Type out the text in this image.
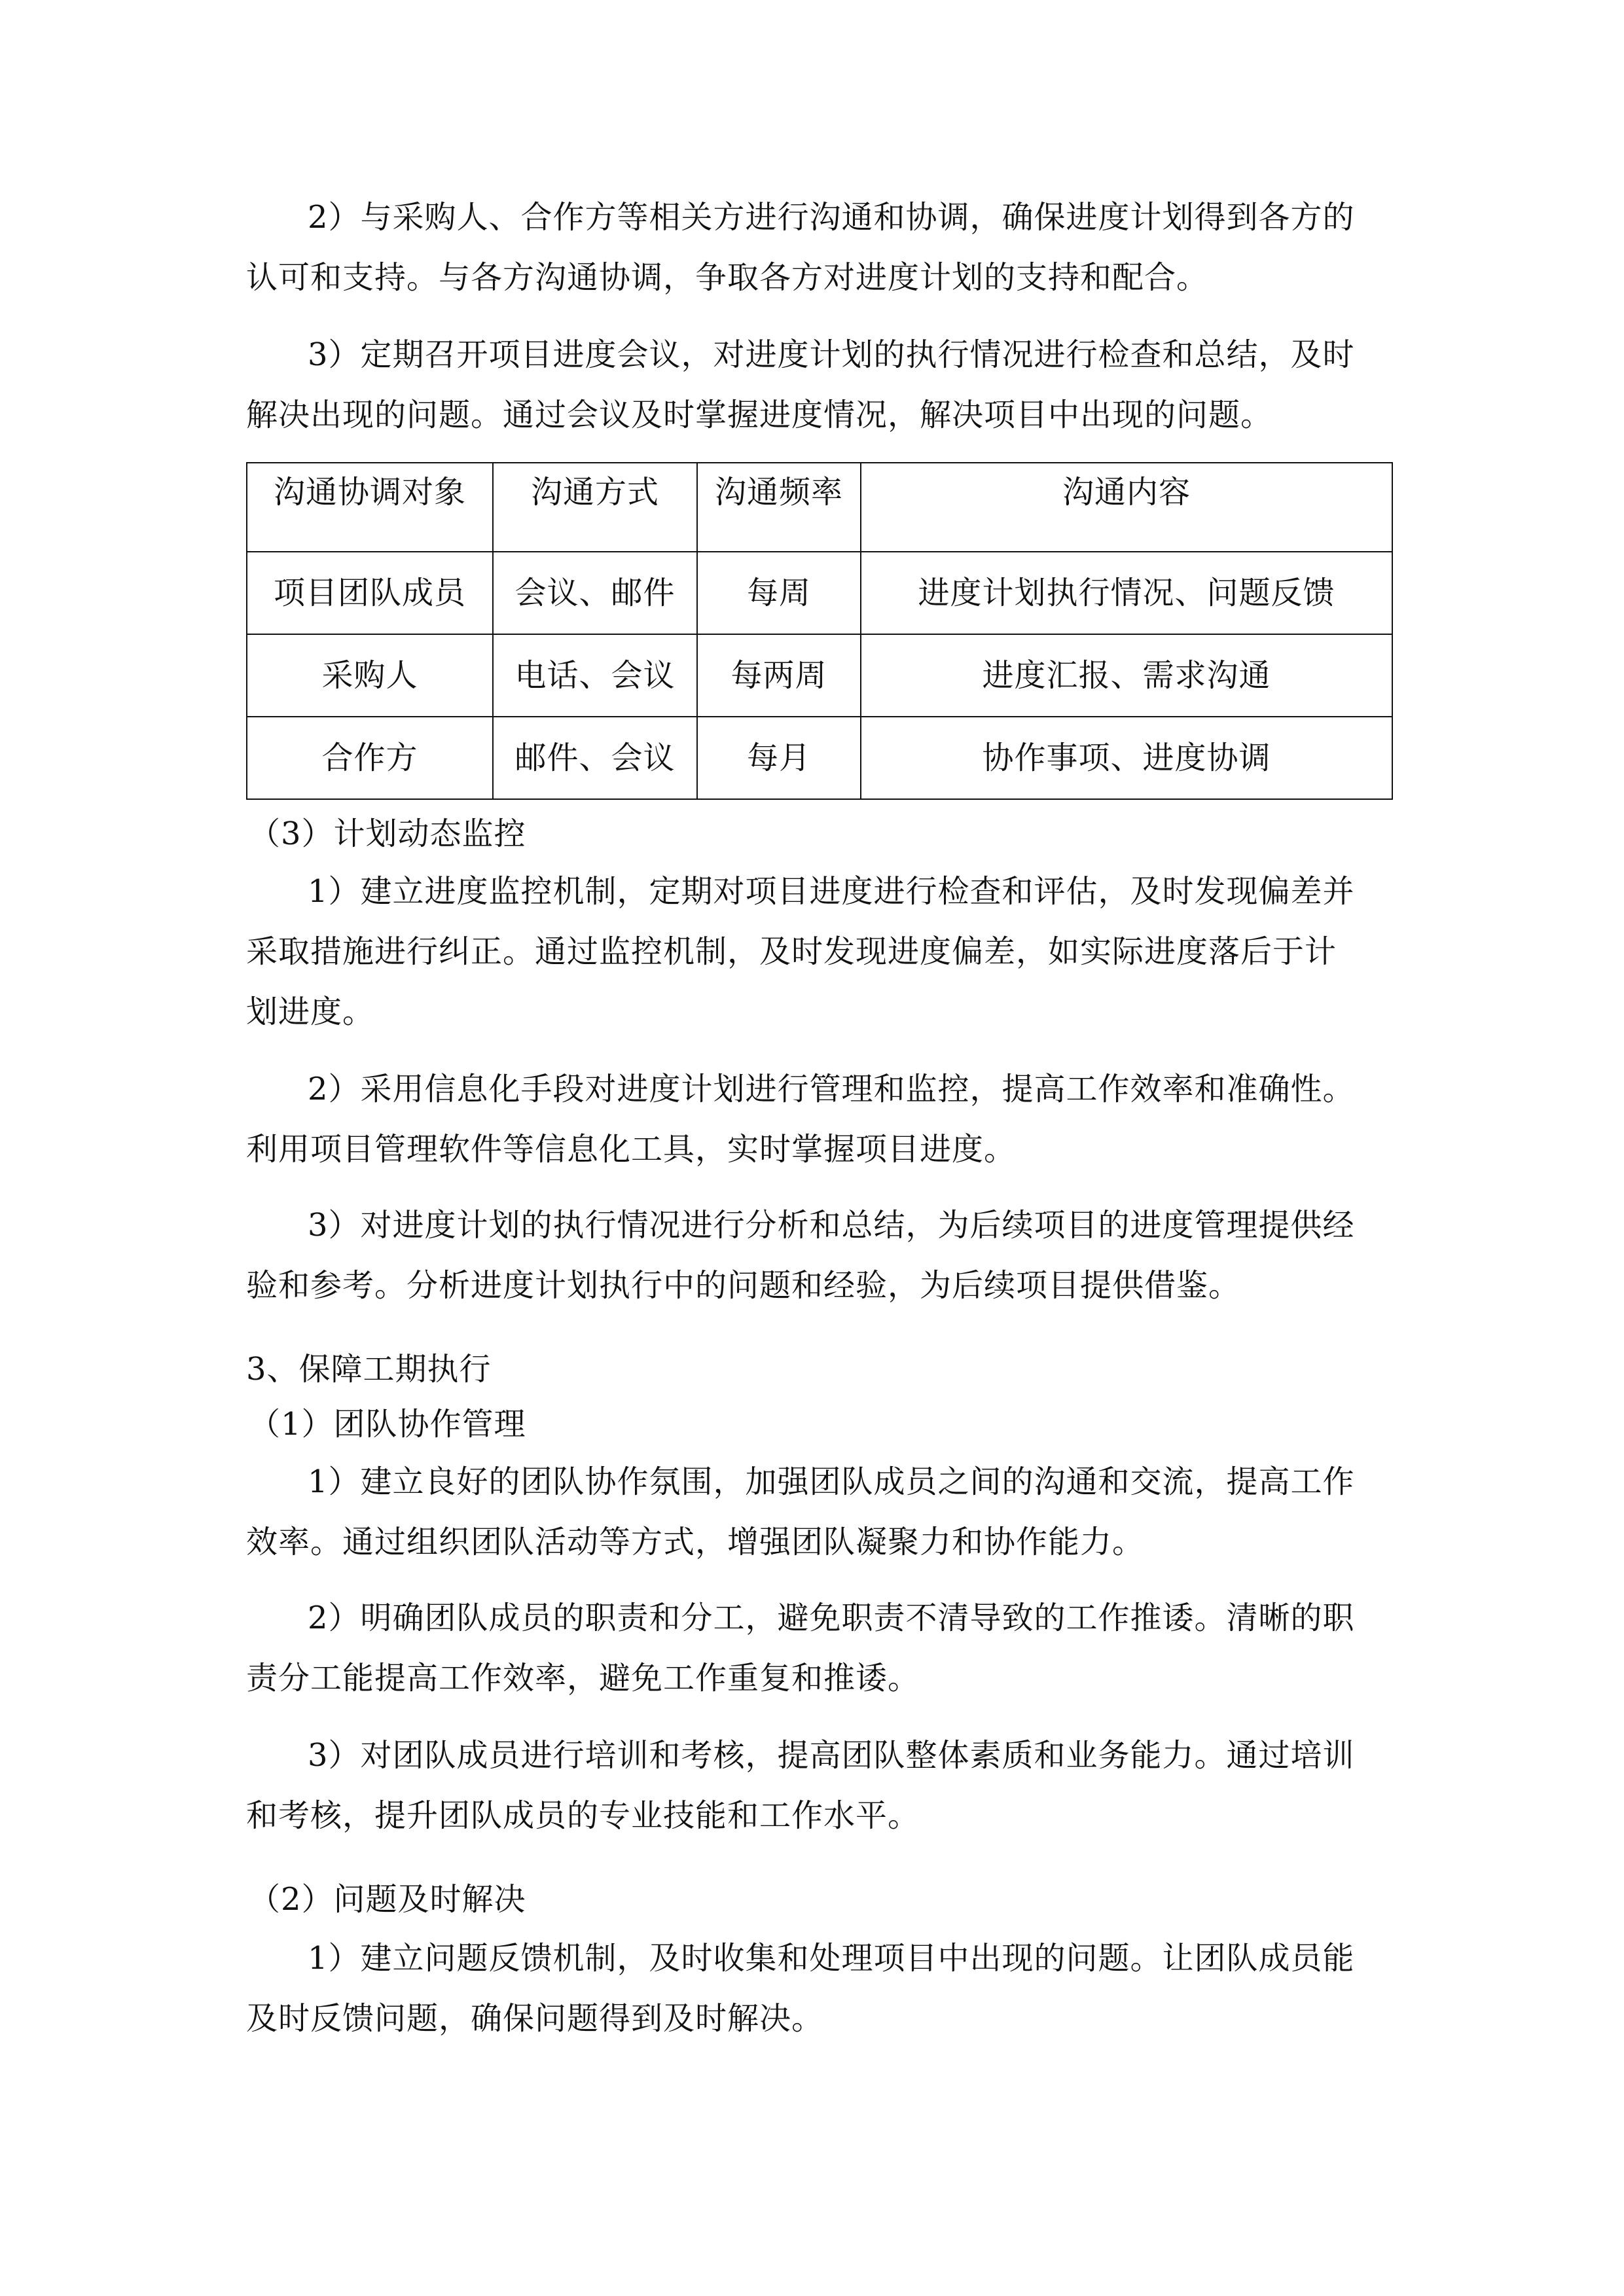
2）与采购人、合作方等相关方进行沟通和协调，确保进度计划得到各方的
认可和支持。与各方沟通协调，争取各方对进度计划的支持和配合。
3）定期召开项目进度会议，对进度计划的执行情况进行检查和总结，及时
解决出现的问题。通过会议及时掌握进度情况，解决项目中出现的问题。
沟通协调对象	沟通方式	沟通频率	沟通内容
项目团队成员	会议、邮件	每周	进度计划执行情况、问题反馈
采购人	电话、会议	每两周	进度汇报、需求沟通
合作方	邮件、会议	每月	协作事项、进度协调
（3）计划动态监控
1）建立进度监控机制，定期对项目进度进行检查和评估，及时发现偏差并
采取措施进行纠正。通过监控机制，及时发现进度偏差，如实际进度落后于计
划进度。
2）采用信息化手段对进度计划进行管理和监控，提高工作效率和准确性。
利用项目管理软件等信息化工具，实时掌握项目进度。
3）对进度计划的执行情况进行分析和总结，为后续项目的进度管理提供经
验和参考。分析进度计划执行中的问题和经验，为后续项目提供借鉴。
3、保障工期执行
（1）团队协作管理
1）建立良好的团队协作氛围，加强团队成员之间的沟通和交流，提高工作
效率。通过组织团队活动等方式，增强团队凝聚力和协作能力。
2）明确团队成员的职责和分工，避免职责不清导致的工作推诿。清晰的职
责分工能提高工作效率，避免工作重复和推诿。
3）对团队成员进行培训和考核，提高团队整体素质和业务能力。通过培训
和考核，提升团队成员的专业技能和工作水平。
（2）问题及时解决
1）建立问题反馈机制，及时收集和处理项目中出现的问题。让团队成员能
及时反馈问题，确保问题得到及时解决。
